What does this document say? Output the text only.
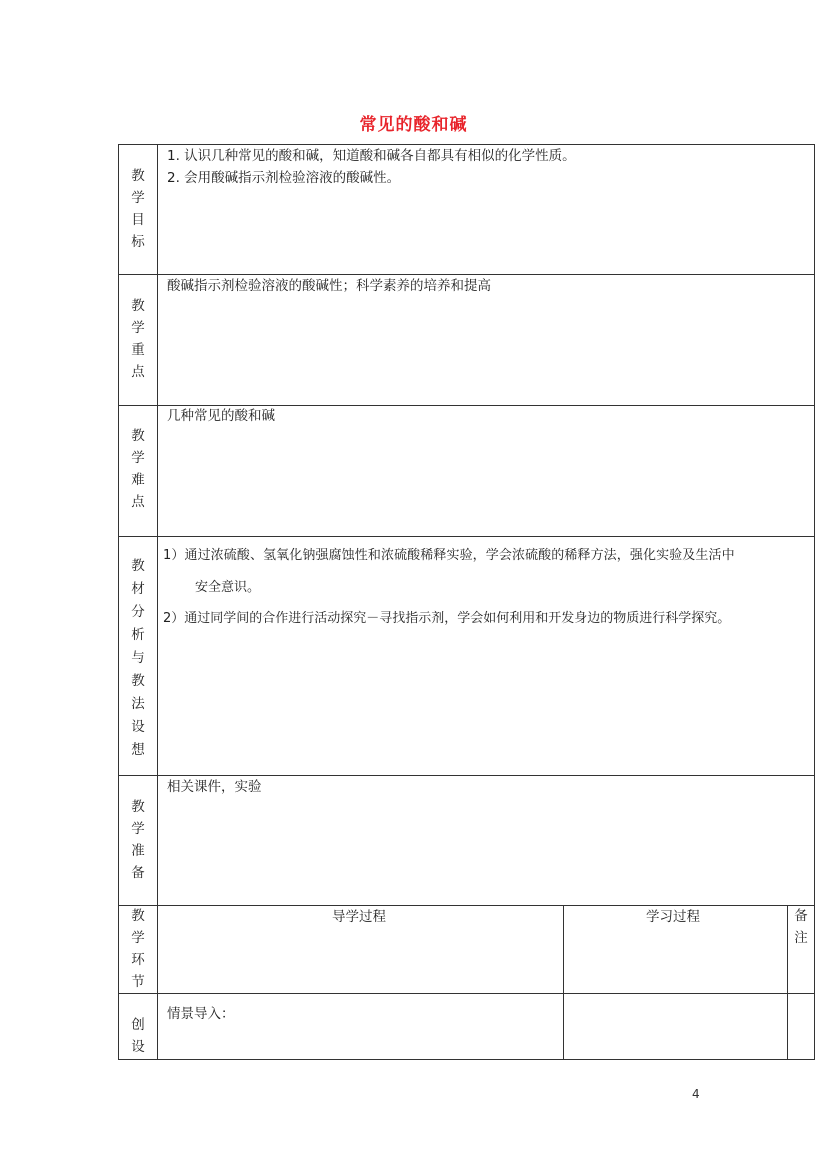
常见的酸和碱
教
学
目
标
1. 认识几种常见的酸和碱，知道酸和碱各自都具有相似的化学性质。
2. 会用酸碱指示剂检验溶液的酸碱性。
教
学
重
点
酸碱指示剂检验溶液的酸碱性；科学素养的培养和提高
教
学
难
点
几种常见的酸和碱
教
材
分
析
与
教
法
设
想
1）通过浓硫酸、氢氧化钠强腐蚀性和浓硫酸稀释实验，学会浓硫酸的稀释方法，强化实验及生活中
安全意识。
2）通过同学间的合作进行活动探究－寻找指示剂，学会如何利用和开发身边的物质进行科学探究。
教
学
准
备
相关课件，实验
教
学
环
节
导学过程	学习过程	备
注
创
设
情景导入：
4
